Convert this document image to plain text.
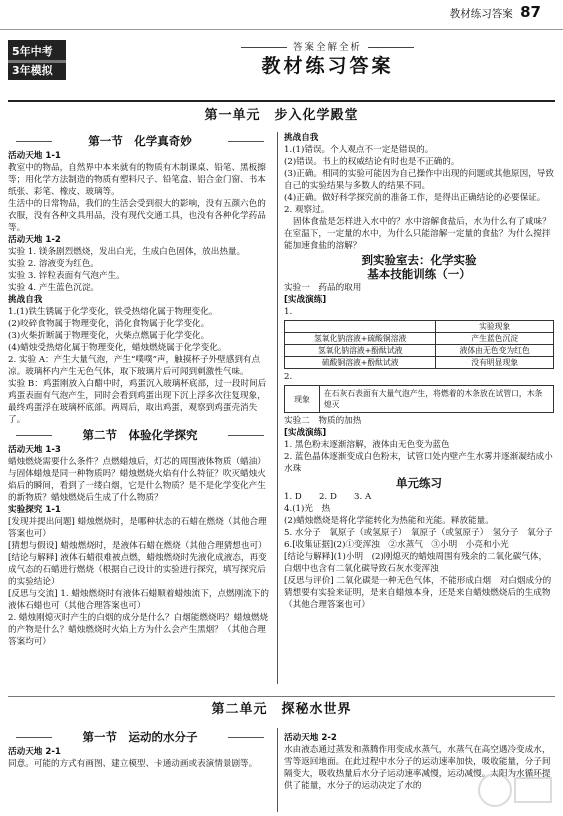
教材练习答案 87
5年中考
3年模拟
答案全解全析
教材练习答案
第一单元　步入化学殿堂
第一节　化学真奇妙

活动天地 1-1

教室中的物品，自然界中本来就有的物质有木制课桌、铅笔、黑板擦等；用化学方法制造的物质有塑料尺子、铅笔盒、铝合金门窗、书本纸张、彩笔、橡皮、玻璃等。

生活中的日常物品，我们的生活会受到很大的影响，没有五颜六色的衣服，没有各种文具用品，没有现代交通工具，也没有各种化学药品等。

活动天地 1-2

实验 1. 镁条剧烈燃烧，发出白光，生成白色固体，放出热量。

实验 2. 溶液变为红色。

实验 3. 锌粒表面有气泡产生。

实验 4. 产生蓝色沉淀。

挑战自我

1.(1)铁生锈属于化学变化，铁受热熔化属于物理变化。

(2)咬碎食物属于物理变化，消化食物属于化学变化。

(3)火柴折断属于物理变化，火柴点燃属于化学变化。

(4)蜡烛受热熔化属于物理变化，蜡烛燃烧属于化学变化。

2. 实验 A：产生大量气泡，产生“噗噗”声，触摸杯子外壁感到有点凉。玻璃杯内产生无色气体，取下玻璃片后可闻到刺激性气味。

实验 B：鸡蛋刚放入白醋中时，鸡蛋沉入玻璃杯底部，过一段时间后鸡蛋表面有气泡产生，同时会看到鸡蛋出现下沉上浮多次往复现象，最终鸡蛋浮在玻璃杯底部。两周后，取出鸡蛋，观察到鸡蛋壳消失了。

第二节　体验化学探究

活动天地 1-3

蜡烛燃烧需要什么条件？点燃蜡烛后，灯芯的周围液体物质（蜡油）与固体蜡烛是同一种物质吗？蜡烛燃烧火焰有什么特征？吹灭蜡烛火焰后的瞬间，看到了一缕白烟，它是什么物质？是不是化学变化产生的新物质？蜡烛燃烧后生成了什么物质？

实验探究 1-1

[发现并提出问题] 蜡烛燃烧时，是哪种状态的石蜡在燃烧（其他合理答案也可）

[猜想与假设] 蜡烛燃烧时，是液体石蜡在燃烧（其他合理猜想也可）

[结论与解释] 液体石蜡很难被点燃，蜡烛燃烧时先液化成液态，再变成气态的石蜡进行燃烧（根据自己设计的实验进行探究，填写探究后的实验结论）

[反思与交流] 1. 蜡烛燃烧时有液体石蜡顺着蜡烛流下，点燃刚流下的液体石蜡也可（其他合理答案也可）

2. 蜡烛刚熄灭时产生的白烟的成分是什么？白烟能燃烧吗？蜡烛燃烧的产物是什么？蜡烛燃烧时火焰上方为什么会产生黑烟？（其他合理答案均可）

挑战自我

1.(1)错误。个人观点不一定是错误的。

(2)错误。书上的权威结论有时也是不正确的。

(3)正确。相同的实验可能因为自己操作中出现的问题或其他原因，导致自己的实验结果与多数人的结果不同。

(4)正确。做好科学探究前的准备工作，是得出正确结论的必要保证。

2. 观察过。

固体食盐是怎样进入水中的？水中溶解食盐后，水为什么有了咸味？在室温下，一定量的水中，为什么只能溶解一定量的食盐？为什么搅拌能加速食盐的溶解？

到实验室去：化学实验
基本技能训练（一）

实验一　药品的取用

[实战演练]

1.

	实验现象
氢氧化钠溶液+硫酸铜溶液	产生蓝色沉淀
氢氧化钠溶液+酚酞试液	液体由无色变为红色
硫酸铜溶液+酚酞试液	没有明显现象

2.

现象
在石灰石表面有大量气泡产生，将燃着的木条放在试管口，木条熄灭

实验二　物质的加热

[实战演练]

1. 黑色粉末逐渐溶解，液体由无色变为蓝色

2. 蓝色晶体逐渐变成白色粉末，试管口处内壁产生水雾并逐渐凝结成小水珠

单元练习

1. D　　2. D　　3. A

4.(1)光　热

(2)蜡烛燃烧是将化学能转化为热能和光能。释放能量。

5. 水分子　氧原子（或氢原子）　氧原子（或氢原子）　氢分子　氧分子

6.[收集证据](2)①变浑浊　②水蒸气　③小明　小亮和小光

[结论与解释](1)小明　(2)刚熄灭的蜡烛周围有残余的二氧化碳气体，白烟中也含有二氧化碳导致石灰水变浑浊

[反思与评价] 二氧化碳是一种无色气体，不能形成白烟　对白烟成分的猜想要有实验来证明，是来自蜡烛本身，还是来自蜡烛燃烧后的生成物（其他合理答案也可）

第二单元　探秘水世界
第一节　运动的水分子

活动天地 2-1

同意。可能的方式有画图、建立模型、卡通动画或表演情景剧等。

活动天地 2-2

水由液态通过蒸发和蒸腾作用变成水蒸气，水蒸气在高空遇冷变成水，雪等返回地面。在此过程中水分子的运动速率加快，吸收能量，分子间隔变大，吸收热量后水分子运动速率减慢，运动减慢。太阳为水循环提供了能量，水分子的运动决定了水的
